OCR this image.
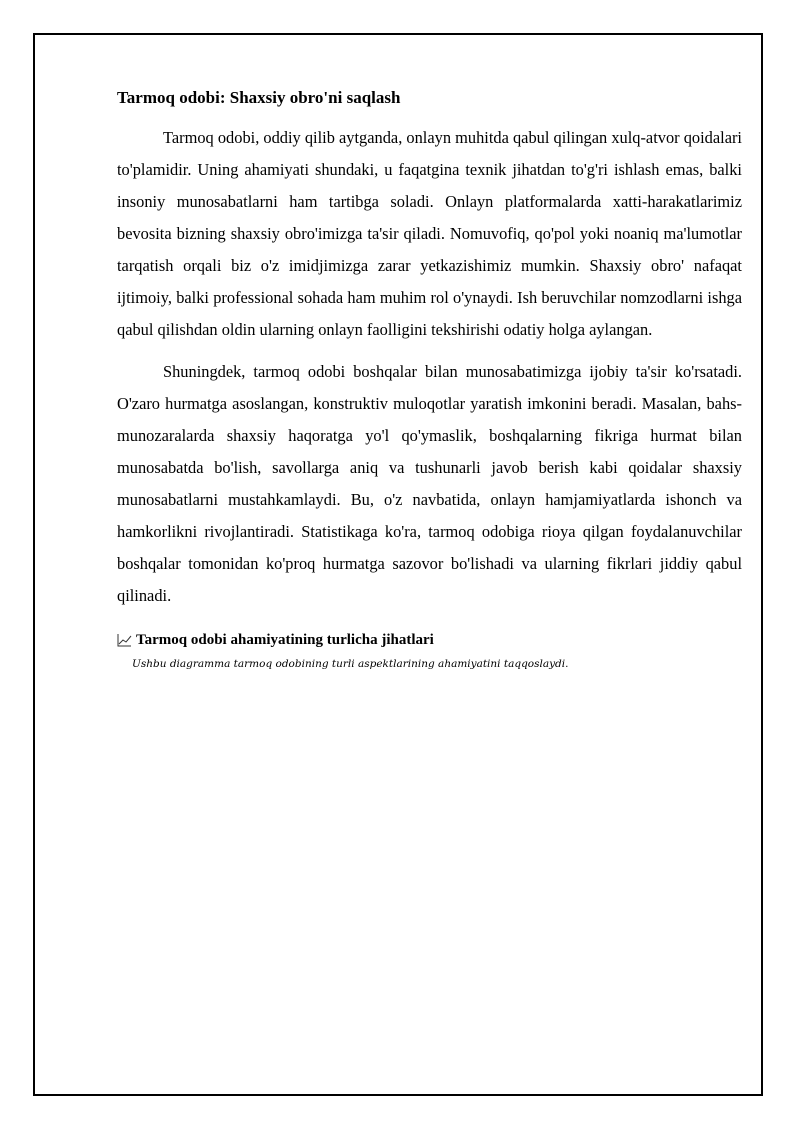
Tarmoq odobi: Shaxsiy obro'ni saqlash

Tarmoq odobi, oddiy qilib aytganda, onlayn muhitda qabul qilingan xulq-atvor qoidalari to'plamidir. Uning ahamiyati shundaki, u faqatgina texnik jihatdan to'g'ri ishlash emas, balki insoniy munosabatlarni ham tartibga soladi. Onlayn platformalarda xatti-harakatlarimiz bevosita bizning shaxsiy obro'imizga ta'sir qiladi. Nomuvofiq, qo'pol yoki noaniq ma'lumotlar tarqatish orqali biz o'z imidjimizga zarar yetkazishimiz mumkin. Shaxsiy obro' nafaqat ijtimoiy, balki professional sohada ham muhim rol o'ynaydi. Ish beruvchilar nomzodlarni ishga qabul qilishdan oldin ularning onlayn faolligini tekshirishi odatiy holga aylangan.

Shuningdek, tarmoq odobi boshqalar bilan munosabatimizga ijobiy ta'sir ko'rsatadi. O'zaro hurmatga asoslangan, konstruktiv muloqotlar yaratish imkonini beradi. Masalan, bahs-munozaralarda shaxsiy haqoratga yo'l qo'ymaslik, boshqalarning fikriga hurmat bilan munosabatda bo'lish, savollarga aniq va tushunarli javob berish kabi qoidalar shaxsiy munosabatlarni mustahkamlaydi. Bu, o'z navbatida, onlayn hamjamiyatlarda ishonch va hamkorlikni rivojlantiradi. Statistikaga ko'ra, tarmoq odobiga rioya qilgan foydalanuvchilar boshqalar tomonidan ko'proq hurmatga sazovor bo'lishadi va ularning fikrlari jiddiy qabul qilinadi.

Tarmoq odobi ahamiyatining turlicha jihatlari
Ushbu diagramma tarmoq odobining turli aspektlarining ahamiyatini taqqoslaydi.
